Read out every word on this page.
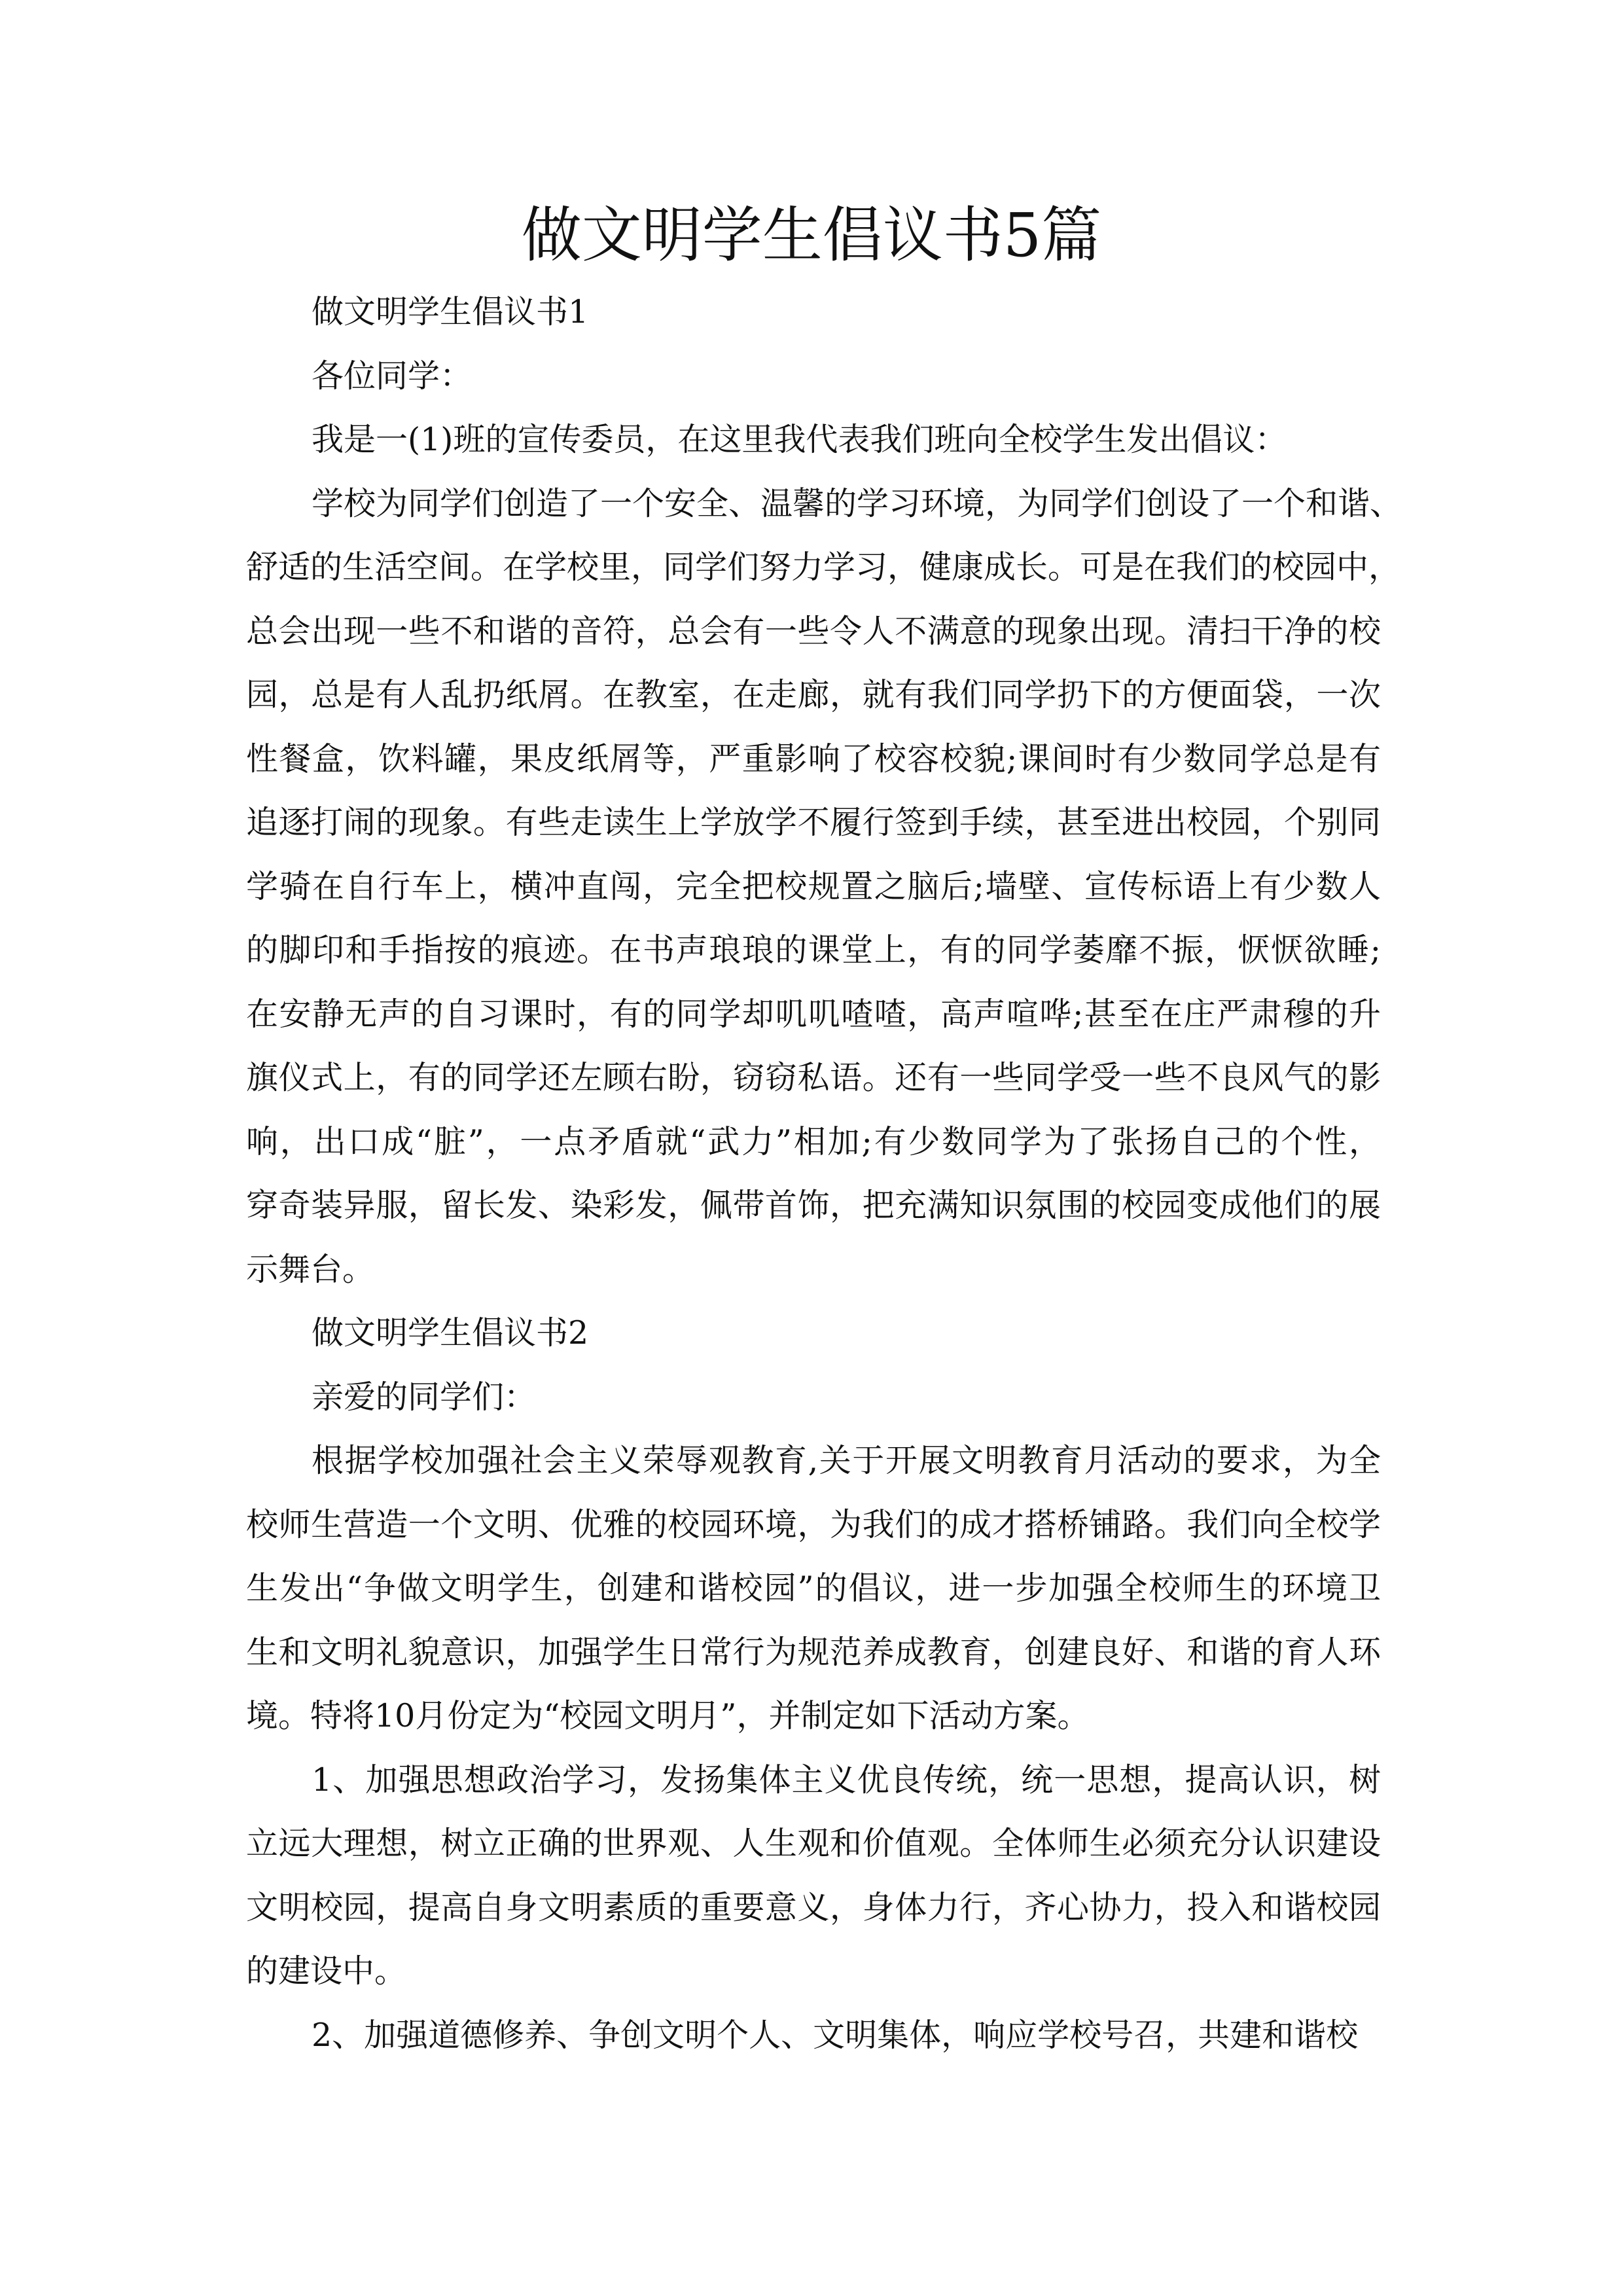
做文明学生倡议书5篇
做文明学生倡议书1
各位同学：
我是一(1)班的宣传委员，在这里我代表我们班向全校学生发出倡议：
学校为同学们创造了一个安全、温馨的学习环境，为同学们创设了一个和谐、
舒适的生活空间。在学校里，同学们努力学习，健康成长。可是在我们的校园中，
总会出现一些不和谐的音符，总会有一些令人不满意的现象出现。清扫干净的校
园，总是有人乱扔纸屑。在教室，在走廊，就有我们同学扔下的方便面袋，一次
性餐盒，饮料罐，果皮纸屑等，严重影响了校容校貌;课间时有少数同学总是有
追逐打闹的现象。有些走读生上学放学不履行签到手续，甚至进出校园，个别同
学骑在自行车上，横冲直闯，完全把校规置之脑后;墙壁、宣传标语上有少数人
的脚印和手指按的痕迹。在书声琅琅的课堂上，有的同学萎靡不振，恹恹欲睡;
在安静无声的自习课时，有的同学却叽叽喳喳，高声喧哗;甚至在庄严肃穆的升
旗仪式上，有的同学还左顾右盼，窃窃私语。还有一些同学受一些不良风气的影
响，出口成“脏”，一点矛盾就“武力”相加;有少数同学为了张扬自己的个性，
穿奇装异服，留长发、染彩发，佩带首饰，把充满知识氛围的校园变成他们的展
示舞台。
做文明学生倡议书2
亲爱的同学们：
根据学校加强社会主义荣辱观教育,关于开展文明教育月活动的要求，为全
校师生营造一个文明、优雅的校园环境，为我们的成才搭桥铺路。我们向全校学
生发出“争做文明学生，创建和谐校园”的倡议，进一步加强全校师生的环境卫
生和文明礼貌意识，加强学生日常行为规范养成教育，创建良好、和谐的育人环
境。特将10月份定为“校园文明月”，并制定如下活动方案。
1、加强思想政治学习，发扬集体主义优良传统，统一思想，提高认识，树
立远大理想，树立正确的世界观、人生观和价值观。全体师生必须充分认识建设
文明校园，提高自身文明素质的重要意义，身体力行，齐心协力，投入和谐校园
的建设中。
2、加强道德修养、争创文明个人、文明集体，响应学校号召，共建和谐校
